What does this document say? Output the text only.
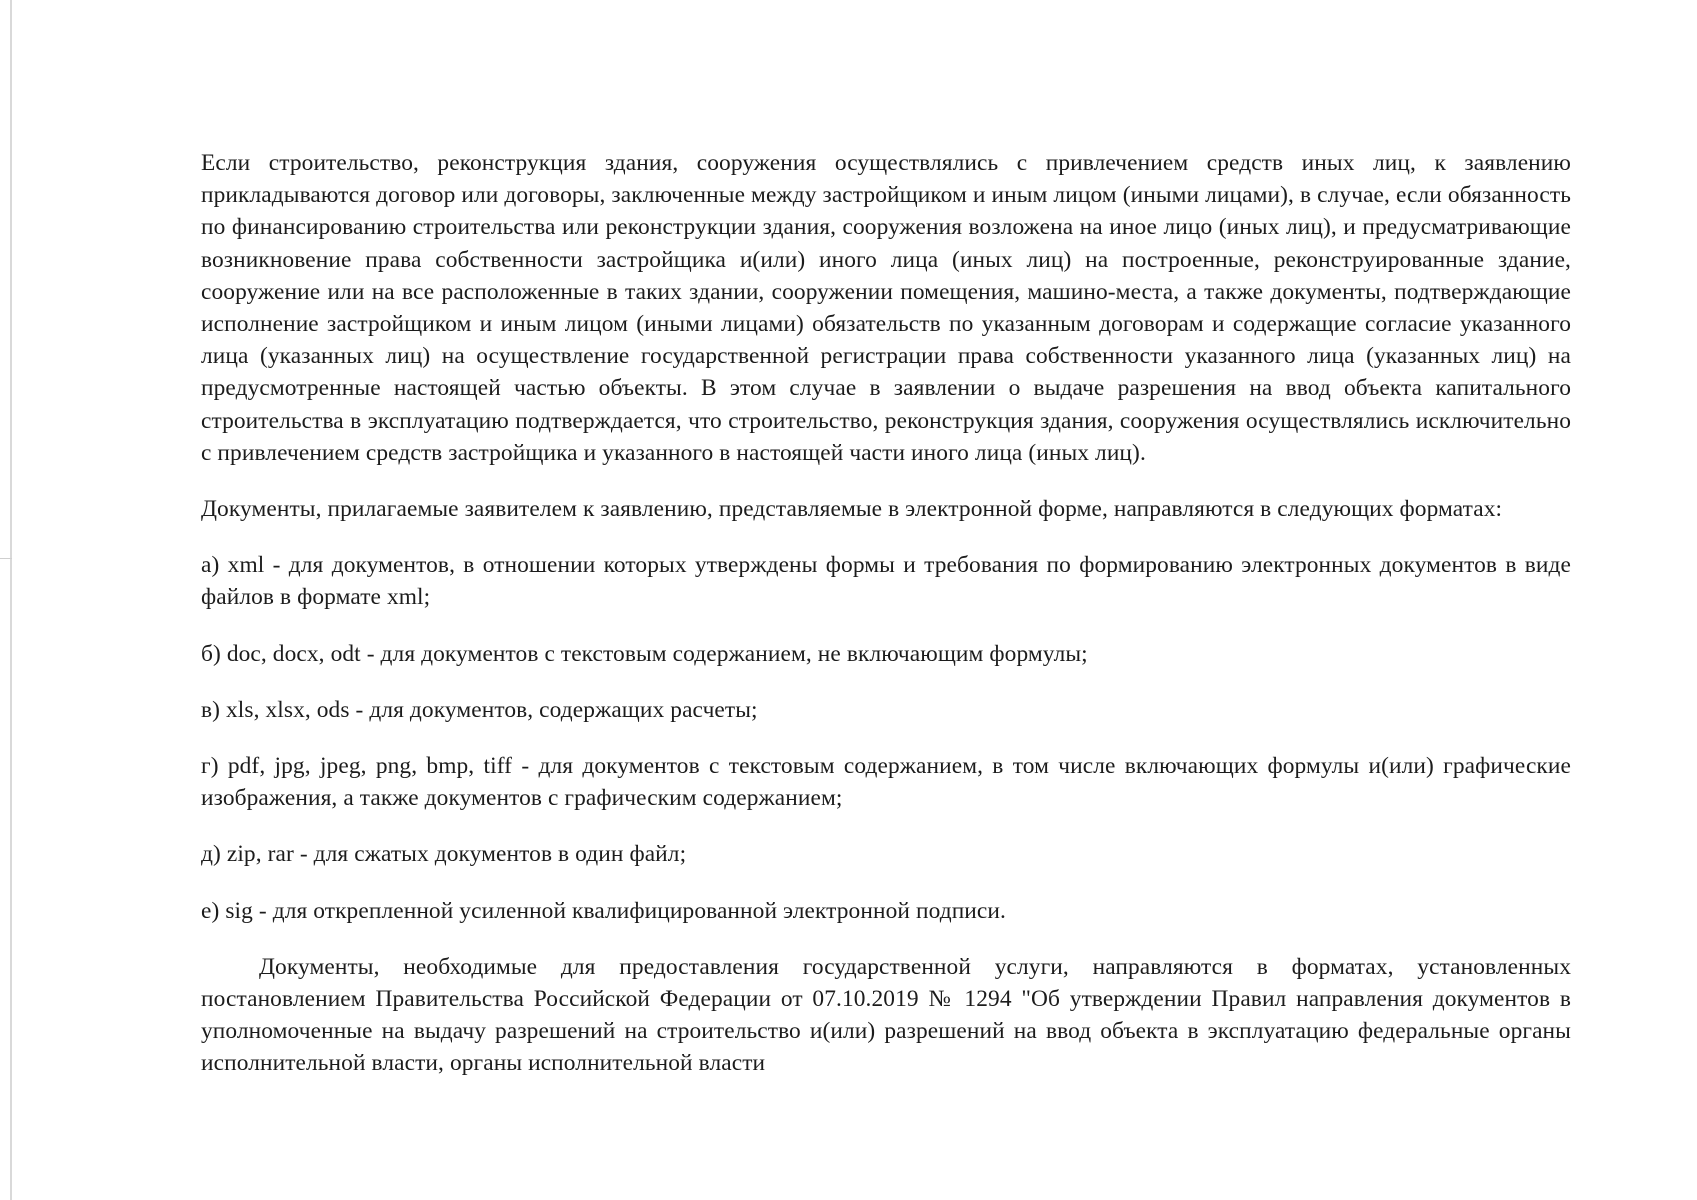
Если строительство, реконструкция здания, сооружения осуществлялись с привлечением средств иных лиц, к заявлению прикладываются договор или договоры, заключенные между застройщиком и иным лицом (иными лицами), в случае, если обязанность по финансированию строительства или реконструкции здания, сооружения возложена на иное лицо (иных лиц), и предусматривающие возникновение права собственности застройщика и(или) иного лица (иных лиц) на построенные, реконструированные здание, сооружение или на все расположенные в таких здании, сооружении помещения, машино-места, а также документы, подтверждающие исполнение застройщиком и иным лицом (иными лицами) обязательств по указанным договорам и содержащие согласие указанного лица (указанных лиц) на осуществление государственной регистрации права собственности указанного лица (указанных лиц) на предусмотренные настоящей частью объекты. В этом случае в заявлении о выдаче разрешения на ввод объекта капитального строительства в эксплуатацию подтверждается, что строительство, реконструкция здания, сооружения осуществлялись исключительно с привлечением средств застройщика и указанного в настоящей части иного лица (иных лиц).

Документы, прилагаемые заявителем к заявлению, представляемые в электронной форме, направляются в следующих форматах:

а) xml - для документов, в отношении которых утверждены формы и требования по формированию электронных документов в виде файлов в формате xml;

б) doc, docx, odt - для документов с текстовым содержанием, не включающим формулы;

в) xls, xlsx, ods - для документов, содержащих расчеты;

г) pdf, jpg, jpeg, png, bmp, tiff - для документов с текстовым содержанием, в том числе включающих формулы и(или) графические изображения, а также документов с графическим содержанием;

д) zip, rar - для сжатых документов в один файл;

е) sig - для открепленной усиленной квалифицированной электронной подписи.

Документы, необходимые для предоставления государственной услуги, направляются в форматах, установленных постановлением Правительства Российской Федерации от 07.10.2019 № 1294 "Об утверждении Правил направления документов в уполномоченные на выдачу разрешений на строительство и(или) разрешений на ввод объекта в эксплуатацию федеральные органы исполнительной власти, органы исполнительной власти
